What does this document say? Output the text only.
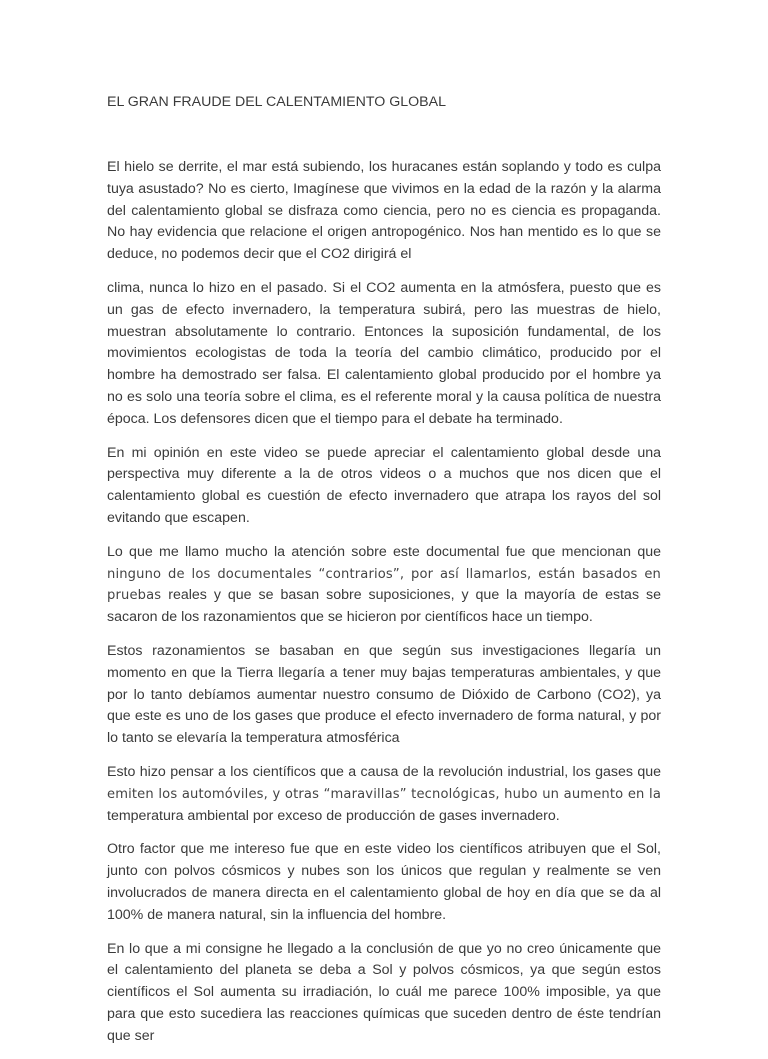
EL GRAN FRAUDE DEL CALENTAMIENTO GLOBAL

El hielo se derrite, el mar está subiendo, los huracanes están soplando y todo es culpa tuya asustado? No es cierto, Imagínese que vivimos en la edad de la razón y la alarma del calentamiento global se disfraza como ciencia, pero no es ciencia es propaganda. No hay evidencia que relacione el origen antropogénico. Nos han mentido es lo que se deduce, no podemos decir que el CO2 dirigirá el

clima, nunca lo hizo en el pasado. Si el CO2 aumenta en la atmósfera, puesto que es un gas de efecto invernadero, la temperatura subirá, pero las muestras de hielo, muestran absolutamente lo contrario. Entonces la suposición fundamental, de los movimientos ecologistas de toda la teoría del cambio climático, producido por el hombre ha demostrado ser falsa. El calentamiento global producido por el hombre ya no es solo una teoría sobre el clima, es el referente moral y la causa política de nuestra época. Los defensores dicen que el tiempo para el debate ha terminado.

En mi opinión en este video se puede apreciar el calentamiento global desde una perspectiva muy diferente a la de otros videos o a muchos que nos dicen que el calentamiento global es cuestión de efecto invernadero que atrapa los rayos del sol evitando que escapen.

Lo que me llamo mucho la atención sobre este documental fue que mencionan que ninguno de los documentales “contrarios”, por así llamarlos, están basados en pruebas reales y que se basan sobre suposiciones, y que la mayoría de estas se sacaron de los razonamientos que se hicieron por científicos hace un tiempo.

Estos razonamientos se basaban en que según sus investigaciones llegaría un momento en que la Tierra llegaría a tener muy bajas temperaturas ambientales, y que por lo tanto debíamos aumentar nuestro consumo de Dióxido de Carbono (CO2), ya que este es uno de los gases que produce el efecto invernadero de forma natural, y por lo tanto se elevaría la temperatura atmosférica

Esto hizo pensar a los científicos que a causa de la revolución industrial, los gases que emiten los automóviles, y otras “maravillas” tecnológicas, hubo un aumento en la temperatura ambiental por exceso de producción de gases invernadero.

Otro factor que me intereso fue que en este video los científicos atribuyen que el Sol, junto con polvos cósmicos y nubes son los únicos que regulan y realmente se ven involucrados de manera directa en el calentamiento global de hoy en día que se da al 100% de manera natural, sin la influencia del hombre.

En lo que a mi consigne he llegado a la conclusión de que yo no creo únicamente que el calentamiento del planeta se deba a Sol y polvos cósmicos, ya que según estos científicos el Sol aumenta su irradiación, lo cuál me parece 100% imposible, ya que para que esto sucediera las reacciones químicas que suceden dentro de éste tendrían que ser
